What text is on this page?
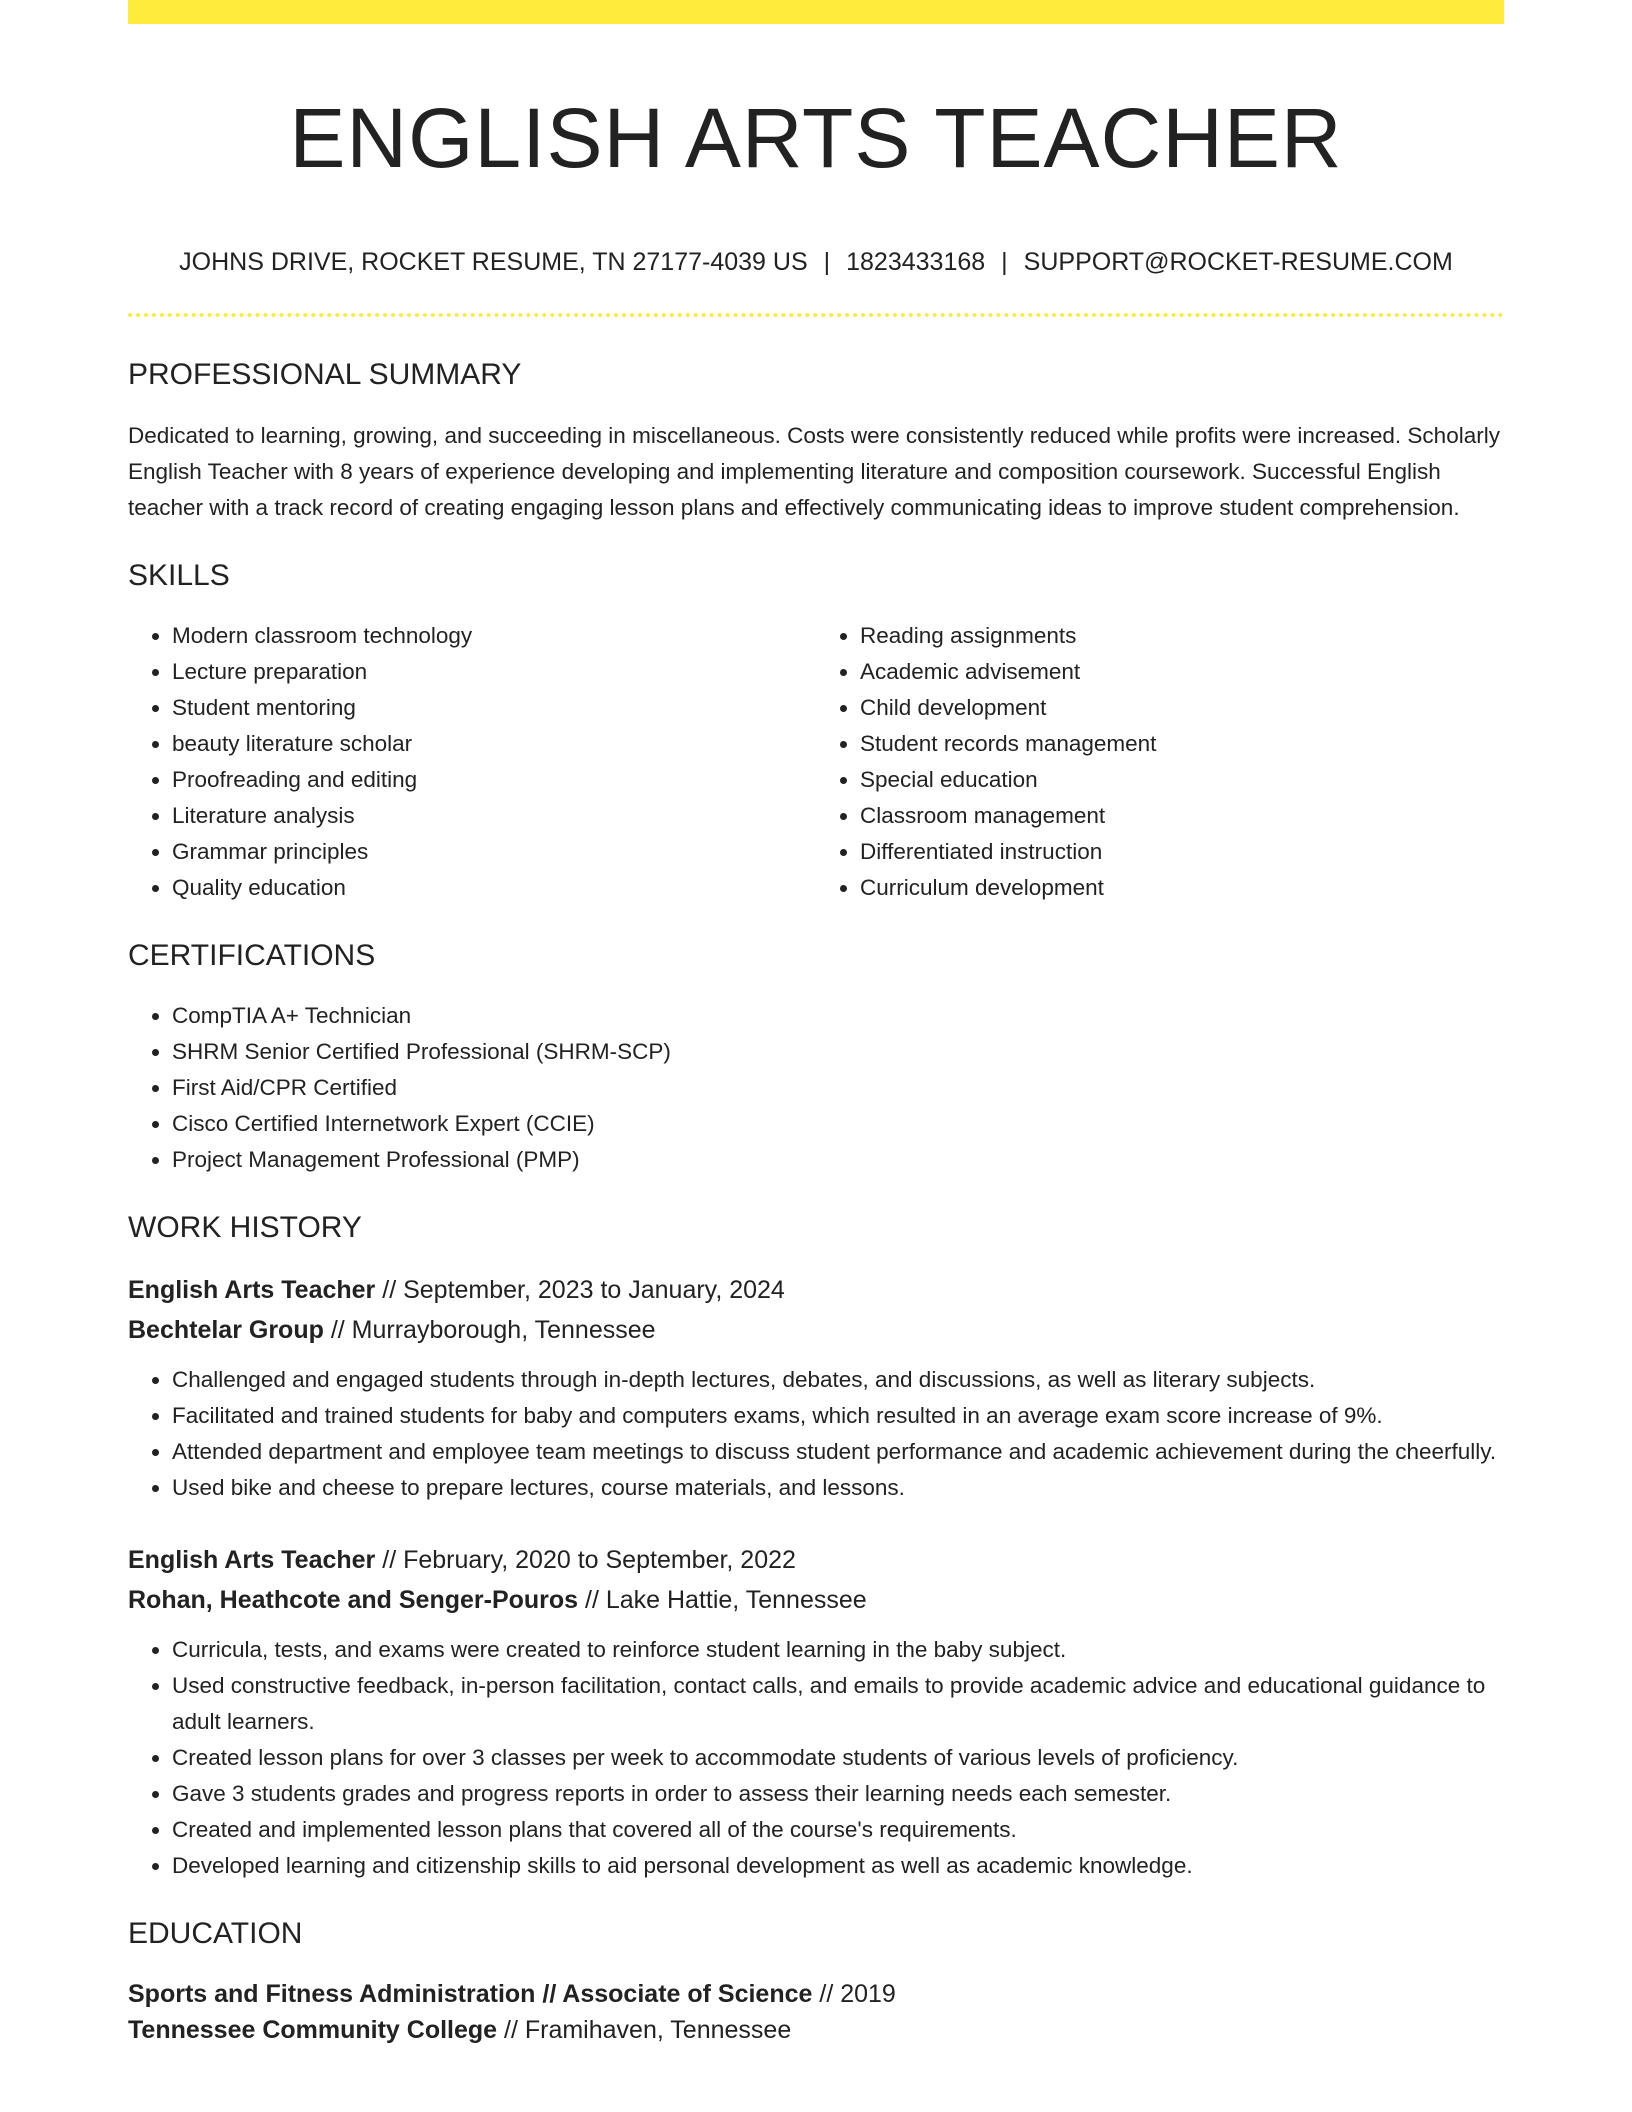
ENGLISH ARTS TEACHER
JOHNS DRIVE, ROCKET RESUME, TN 27177-4039 US | 1823433168 | SUPPORT@ROCKET-RESUME.COM
PROFESSIONAL SUMMARY

Dedicated to learning, growing, and succeeding in miscellaneous. Costs were consistently reduced while profits were increased. Scholarly English Teacher with 8 years of experience developing and implementing literature and composition coursework. Successful English teacher with a track record of creating engaging lesson plans and effectively communicating ideas to improve student comprehension.

SKILLS
• Modern classroom technology
• Lecture preparation
• Student mentoring
• beauty literature scholar
• Proofreading and editing
• Literature analysis
• Grammar principles
• Quality education
• Reading assignments
• Academic advisement
• Child development
• Student records management
• Special education
• Classroom management
• Differentiated instruction
• Curriculum development
CERTIFICATIONS
• CompTIA A+ Technician
• SHRM Senior Certified Professional (SHRM-SCP)
• First Aid/CPR Certified
• Cisco Certified Internetwork Expert (CCIE)
• Project Management Professional (PMP)
WORK HISTORY
English Arts Teacher // September, 2023 to January, 2024
Bechtelar Group // Murrayborough, Tennessee
• Challenged and engaged students through in-depth lectures, debates, and discussions, as well as literary subjects.
• Facilitated and trained students for baby and computers exams, which resulted in an average exam score increase of 9%.
• Attended department and employee team meetings to discuss student performance and academic achievement during the cheerfully.
• Used bike and cheese to prepare lectures, course materials, and lessons.
English Arts Teacher // February, 2020 to September, 2022
Rohan, Heathcote and Senger-Pouros // Lake Hattie, Tennessee
• Curricula, tests, and exams were created to reinforce student learning in the baby subject.
• Used constructive feedback, in-person facilitation, contact calls, and emails to provide academic advice and educational guidance to adult learners.
• Created lesson plans for over 3 classes per week to accommodate students of various levels of proficiency.
• Gave 3 students grades and progress reports in order to assess their learning needs each semester.
• Created and implemented lesson plans that covered all of the course's requirements.
• Developed learning and citizenship skills to aid personal development as well as academic knowledge.
EDUCATION
Sports and Fitness Administration // Associate of Science // 2019
Tennessee Community College // Framihaven, Tennessee
